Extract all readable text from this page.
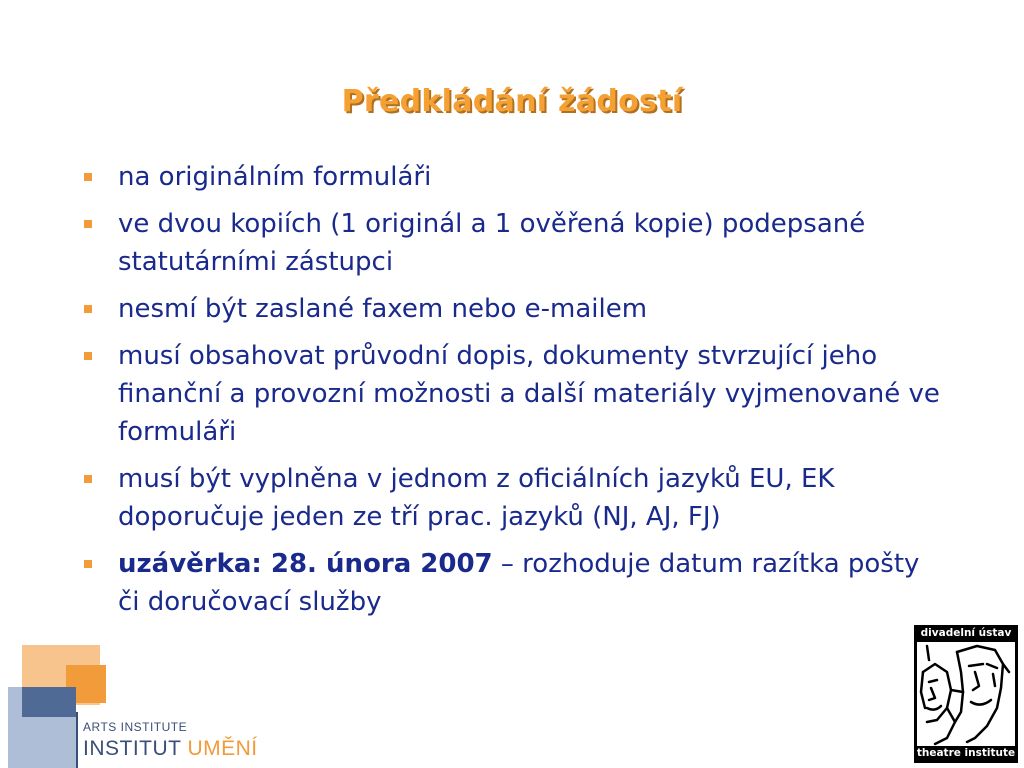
Předkládání žádostí
na originálním formuláři
ve dvou kopiích (1 originál a 1 ověřená kopie) podepsané statutárními zástupci
nesmí být zaslané faxem nebo e-mailem
musí obsahovat průvodní dopis, dokumenty stvrzující jeho finanční a provozní možnosti a další materiály vyjmenované ve formuláři
musí být vyplněna v jednom z oficiálních jazyků EU, EK doporučuje jeden ze tří prac. jazyků (NJ, AJ, FJ)
uzávěrka: 28. února 2007 – rozhoduje datum razítka pošty či doručovací služby
ARTS INSTITUTE
INSTITUT UMĚNÍ
divadelní ústav
theatre institute
